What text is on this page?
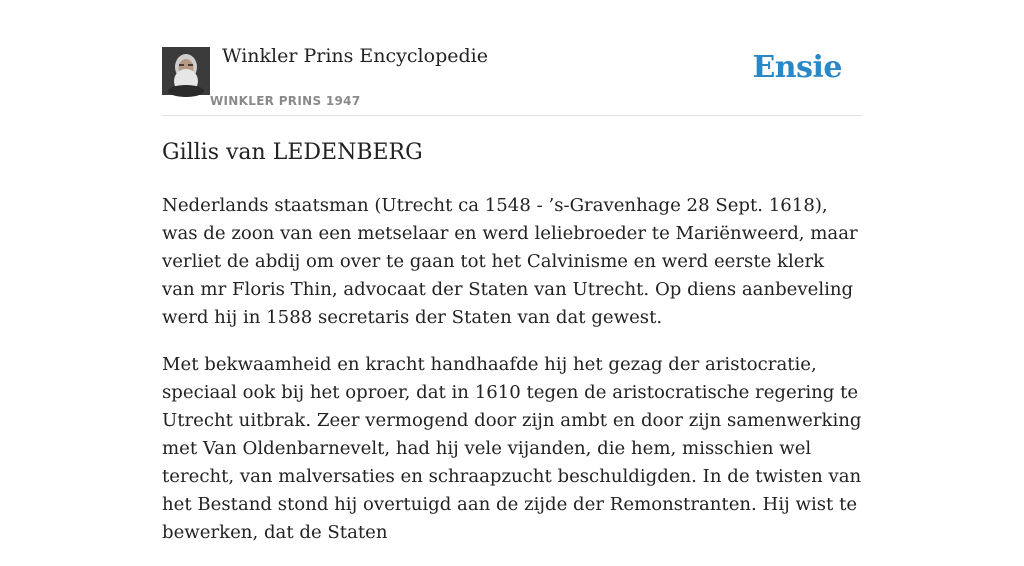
Winkler Prins Encyclopedie
WINKLER PRINS 1947
Ensie
Gillis van LEDENBERG

Nederlands staatsman (Utrecht ca 1548 - ’s-Gravenhage 28 Sept. 1618), was de zoon van een metselaar en werd leliebroeder te Mariënweerd, maar verliet de abdij om over te gaan tot het Calvinisme en werd eerste klerk van mr Floris Thin, advocaat der Staten van Utrecht. Op diens aanbeveling werd hij in 1588 secretaris der Staten van dat gewest.

Met bekwaamheid en kracht handhaafde hij het gezag der aristocratie, speciaal ook bij het oproer, dat in 1610 tegen de aristocratische regering te Utrecht uitbrak. Zeer vermogend door zijn ambt en door zijn samenwerking met Van Oldenbarnevelt, had hij vele vijanden, die hem, misschien wel terecht, van malversaties en schraapzucht beschuldigden. In de twisten van het Bestand stond hij overtuigd aan de zijde der Remonstranten. Hij wist te bewerken, dat de Staten
